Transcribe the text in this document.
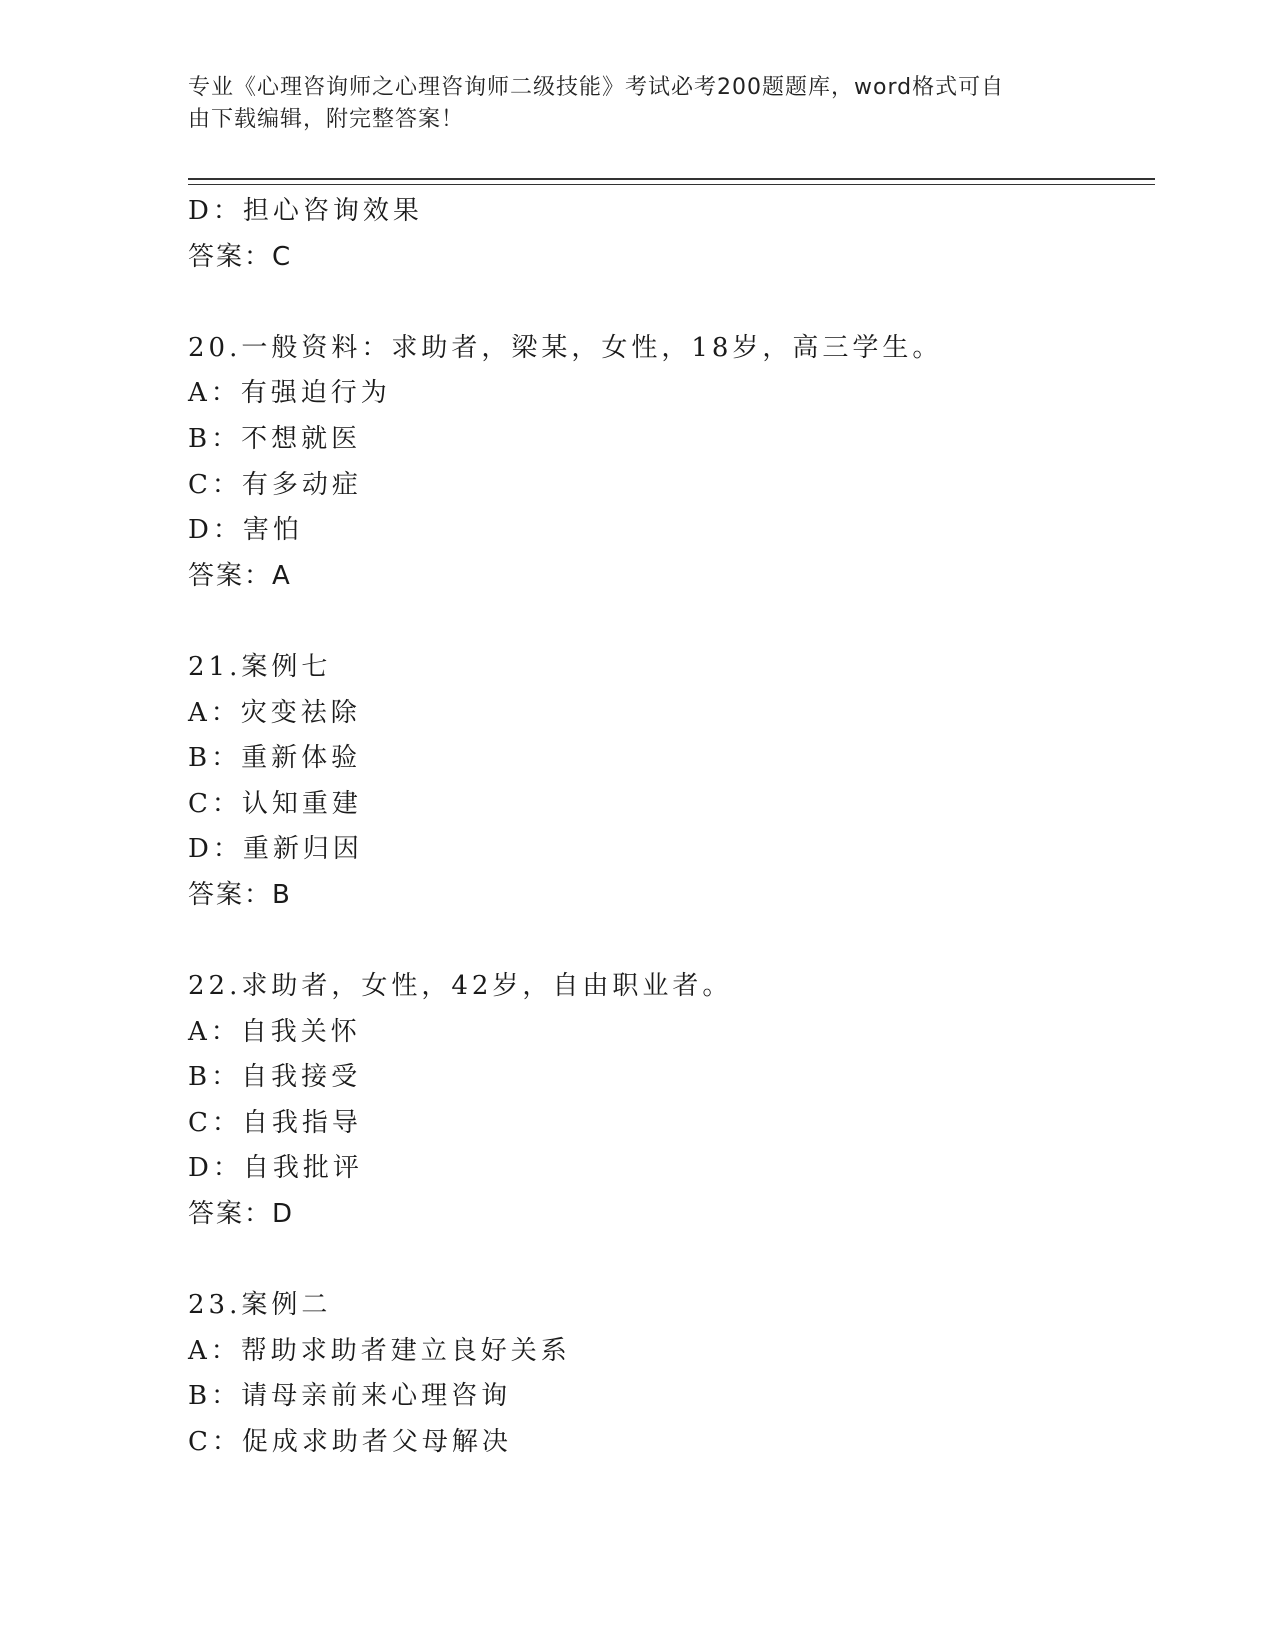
专业《心理咨询师之心理咨询师二级技能》考试必考200题题库，word格式可自
由下载编辑，附完整答案！
D：担心咨询效果
答案：C
20.一般资料：求助者，梁某，女性，18岁，高三学生。
A：有强迫行为
B：不想就医
C：有多动症
D：害怕
答案：A
21.案例七
A：灾变祛除
B：重新体验
C：认知重建
D：重新归因
答案：B
22.求助者，女性，42岁，自由职业者。
A：自我关怀
B：自我接受
C：自我指导
D：自我批评
答案：D
23.案例二
A：帮助求助者建立良好关系
B：请母亲前来心理咨询
C：促成求助者父母解决
